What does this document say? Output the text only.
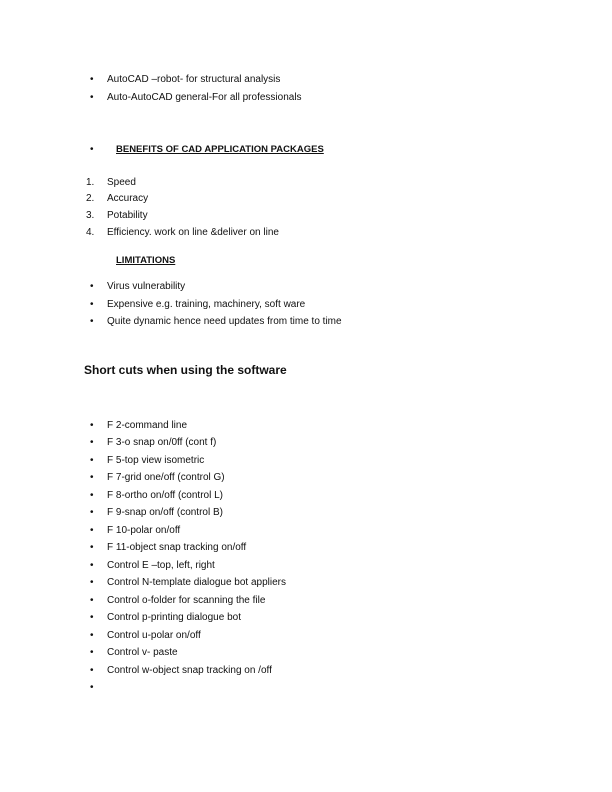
• AutoCAD –robot- for structural analysis
• Auto-AutoCAD general-For all professionals
• BENEFITS OF CAD APPLICATION PACKAGES
1. Speed
2. Accuracy
3. Potability
4. Efficiency. work on line &deliver on line
LIMITATIONS
• Virus vulnerability
• Expensive e.g. training, machinery, soft ware
• Quite dynamic hence need updates from time to time
Short cuts when using the software
• F 2-command line
• F 3-o snap on/0ff (cont f)
• F 5-top view isometric
• F 7-grid one/off (control G)
• F 8-ortho on/off (control L)
• F 9-snap on/off (control B)
• F 10-polar on/off
• F 11-object snap tracking on/off
• Control E –top, left, right
• Control N-template dialogue bot appliers
• Control o-folder for scanning the file
• Control p-printing dialogue bot
• Control u-polar on/off
• Control v- paste
• Control w-object snap tracking on /off
•
